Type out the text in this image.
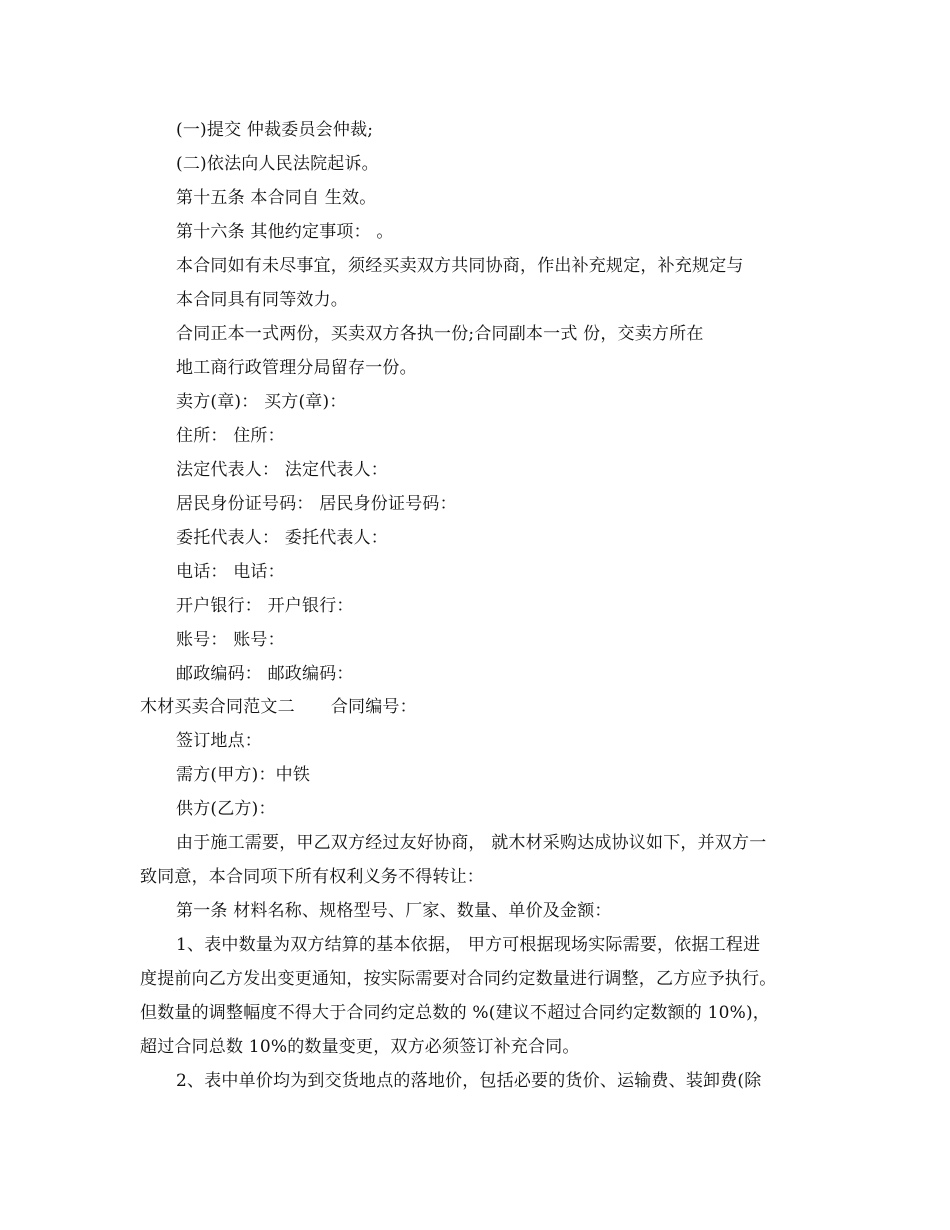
(一)提交 仲裁委员会仲裁;
(二)依法向人民法院起诉。
第十五条 本合同自 生效。
第十六条 其他约定事项： 。
本合同如有未尽事宜，须经买卖双方共同协商，作出补充规定，补充规定与
本合同具有同等效力。
合同正本一式两份，买卖双方各执一份;合同副本一式 份，交卖方所在
地工商行政管理分局留存一份。
卖方(章)： 买方(章)：
住所： 住所：
法定代表人： 法定代表人：
居民身份证号码： 居民身份证号码：
委托代表人： 委托代表人：
电话： 电话：
开户银行： 开户银行：
账号： 账号：
邮政编码： 邮政编码：
木材买卖合同范文二 合同编号：
签订地点：
需方(甲方)：中铁
供方(乙方)：
由于施工需要，甲乙双方经过友好协商， 就木材采购达成协议如下，并双方一
致同意，本合同项下所有权利义务不得转让：
第一条 材料名称、规格型号、厂家、数量、单价及金额：
1、表中数量为双方结算的基本依据， 甲方可根据现场实际需要，依据工程进
度提前向乙方发出变更通知，按实际需要对合同约定数量进行调整，乙方应予执行。
但数量的调整幅度不得大于合同约定总数的 %(建议不超过合同约定数额的 10%)，
超过合同总数 10%的数量变更，双方必须签订补充合同。
2、表中单价均为到交货地点的落地价，包括必要的货价、运输费、装卸费(除
